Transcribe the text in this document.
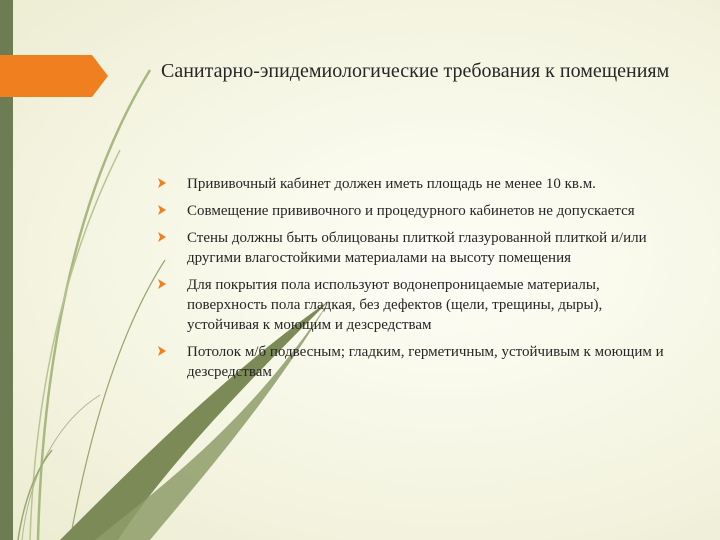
Санитарно-эпидемиологические требования к помещениям
Прививочный кабинет должен иметь площадь не менее 10 кв.м.
Совмещение прививочного и процедурного кабинетов не допускается
Стены должны быть облицованы плиткой глазурованной плиткой и/или другими влагостойкими материалами на высоту помещения
Для покрытия пола используют водонепроницаемые материалы, поверхность пола гладкая, без дефектов (щели, трещины, дыры), устойчивая к моющим и дезсредствам
Потолок м/б подвесным; гладким, герметичным, устойчивым к моющим и дезсредствам
